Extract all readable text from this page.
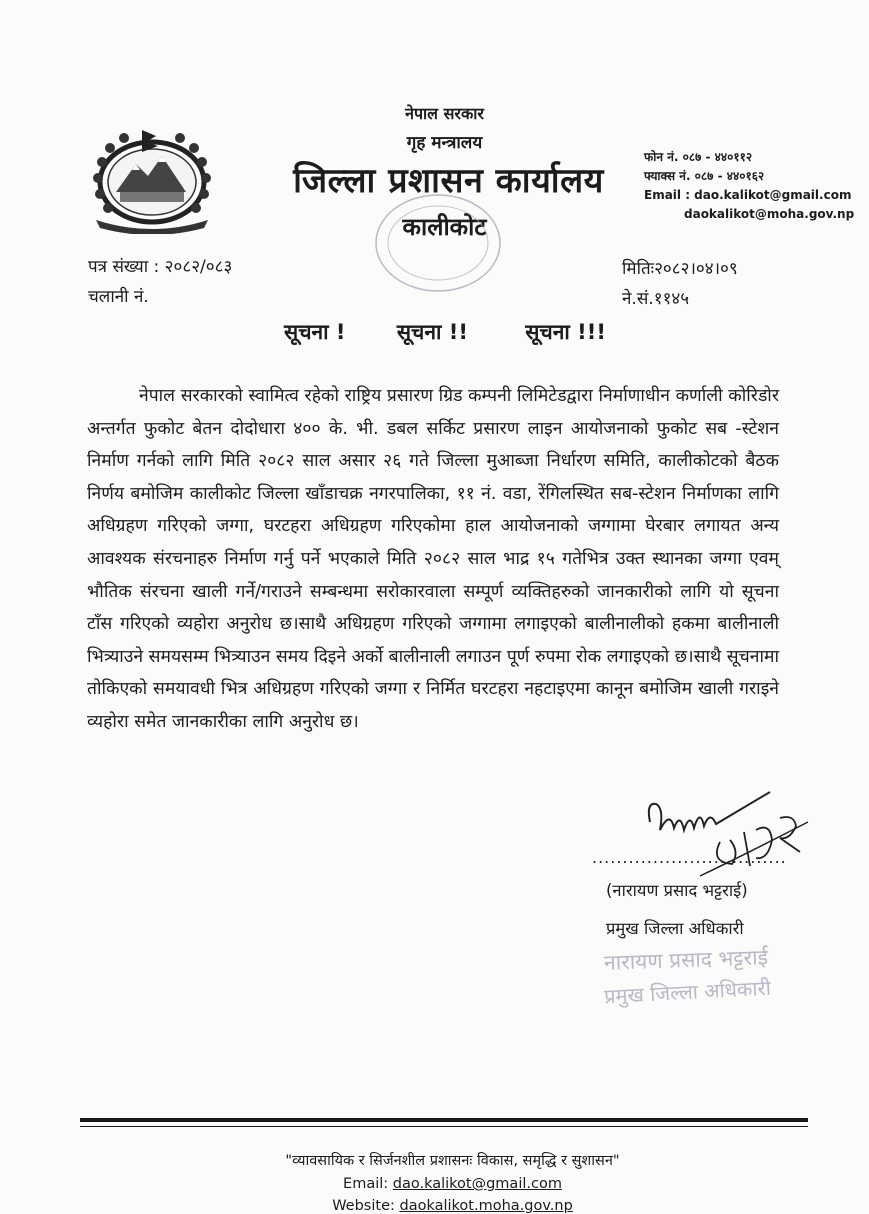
नेपाल सरकार
गृह मन्त्रालय
जिल्ला प्रशासन कार्यालय
कालीकोट
फोन नं. ०८७ - ४४०११२
फ्याक्स नं. ०८७ - ४४०१६२
Email : dao.kalikot@gmail.com
daokalikot@moha.gov.np
पत्र संख्या : २०८२/०८३
चलानी नं.
मितिः२०८२।०४।०९
ने.सं.११४५
सूचना ! सूचना !!	सूचना !!!
नेपाल सरकारको स्वामित्व रहेको राष्ट्रिय प्रसारण ग्रिड कम्पनी लिमिटेडद्वारा निर्माणाधीन कर्णाली कोरिडोर अन्तर्गत फुकोट बेतन दोदोधारा ४०० के. भी. डबल सर्किट प्रसारण लाइन आयोजनाको फुकोट सब -स्टेशन निर्माण गर्नको लागि मिति २०८२ साल असार २६ गते जिल्ला मुआब्जा निर्धारण समिति, कालीकोटको बैठक निर्णय बमोजिम कालीकोट जिल्ला खाँडाचक्र नगरपालिका, ११ नं. वडा, रेंगिलस्थित सब-स्टेशन निर्माणका लागि अधिग्रहण गरिएको जग्गा, घरटहरा अधिग्रहण गरिएकोमा हाल आयोजनाको जग्गामा घेरबार लगायत अन्य आवश्यक संरचनाहरु निर्माण गर्नु पर्ने भएकाले मिति २०८२ साल भाद्र १५ गतेभित्र उक्त स्थानका जग्गा एवम् भौतिक संरचना खाली गर्ने/गराउने सम्बन्धमा सरोकारवाला सम्पूर्ण व्यक्तिहरुको जानकारीको लागि यो सूचना टाँस गरिएको व्यहोरा अनुरोध छ।साथै अधिग्रहण गरिएको जग्गामा लगाइएको बालीनालीको हकमा बालीनाली भित्र्याउने समयसम्म भित्र्याउन समय दिइने अर्को बालीनाली लगाउन पूर्ण रुपमा रोक लगाइएको छ।साथै सूचनामा तोकिएको समयावधी भित्र अधिग्रहण गरिएको जग्गा र निर्मित घरटहरा नहटाइएमा कानून बमोजिम खाली गराइने व्यहोरा समेत जानकारीका लागि अनुरोध छ।
................................
(नारायण प्रसाद भट्टराई)
प्रमुख जिल्ला अधिकारी
नारायण प्रसाद भट्टराई
प्रमुख जिल्ला अधिकारी
"व्यावसायिक र सिर्जनशील प्रशासनः विकास, समृद्धि र सुशासन"
Email: dao.kalikot@gmail.com
Website: daokalikot.moha.gov.np
